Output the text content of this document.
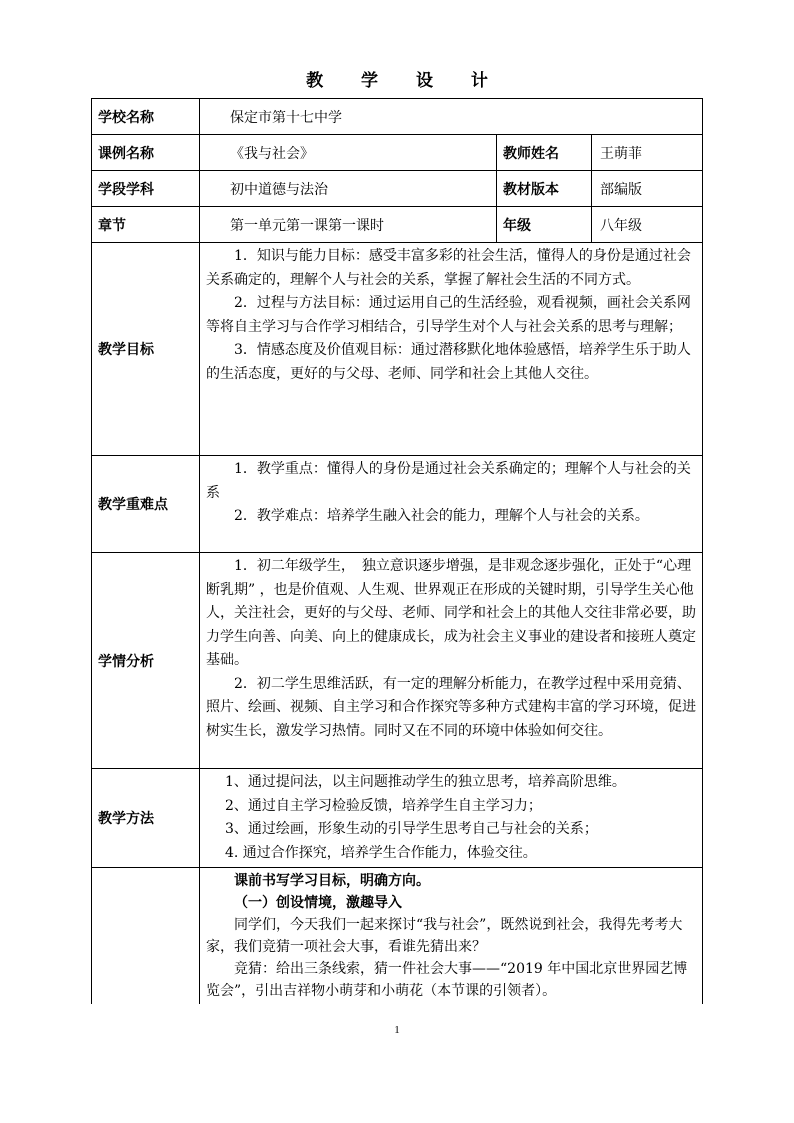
教 学 设 计
学校名称	保定市第十七中学		
课例名称	《我与社会》	教师姓名	王萌菲
学段学科	初中道德与法治	教材版本	部编版
章节	第一单元第一课第一课时	年级	八年级
教学目标	1．知识与能力目标：感受丰富多彩的社会生活，懂得人的身份是通过社会关系确定的，理解个人与社会的关系，掌握了解社会生活的不同方式。

2．过程与方法目标：通过运用自己的生活经验，观看视频，画社会关系网等将自主学习与合作学习相结合，引导学生对个人与社会关系的思考与理解；

3．情感态度及价值观目标：通过潜移默化地体验感悟，培养学生乐于助人的生活态度，更好的与父母、老师、同学和社会上其他人交往。		

教学重难点	1．教学重点：懂得人的身份是通过社会关系确定的；理解个人与社会的关系

2．教学难点：培养学生融入社会的能力，理解个人与社会的关系。		

学情分析	1．初二年级学生，　独立意识逐步增强，是非观念逐步强化，正处于“心理断乳期” ，也是价值观、人生观、世界观正在形成的关键时期，引导学生关心他人，关注社会，更好的与父母、老师、同学和社会上的其他人交往非常必要，助力学生向善、向美、向上的健康成长，成为社会主义事业的建设者和接班人奠定基础。

2．初二学生思维活跃，有一定的理解分析能力，在教学过程中采用竞猜、照片、绘画、视频、自主学习和合作探究等多种方式建构丰富的学习环境，促进树实生长，激发学习热情。同时又在不同的环境中体验如何交往。		

教学方法	1、通过提问法，以主问题推动学生的独立思考，培养高阶思维。

2、通过自主学习检验反馈，培养学生自主学习力；

3、通过绘画，形象生动的引导学生思考自己与社会的关系；

4. 通过合作探究，培养学生合作能力，体验交往。		

	课前书写学习目标，明确方向。

（一）创设情境，激趣导入

同学们，今天我们一起来探讨“我与社会”，既然说到社会，我得先考考大家，我们竞猜一项社会大事，看谁先猜出来？

竞猜：给出三条线索，猜一件社会大事——“2019 年中国北京世界园艺博览会”，引出吉祥物小萌芽和小萌花（本节课的引领者）。		

1
